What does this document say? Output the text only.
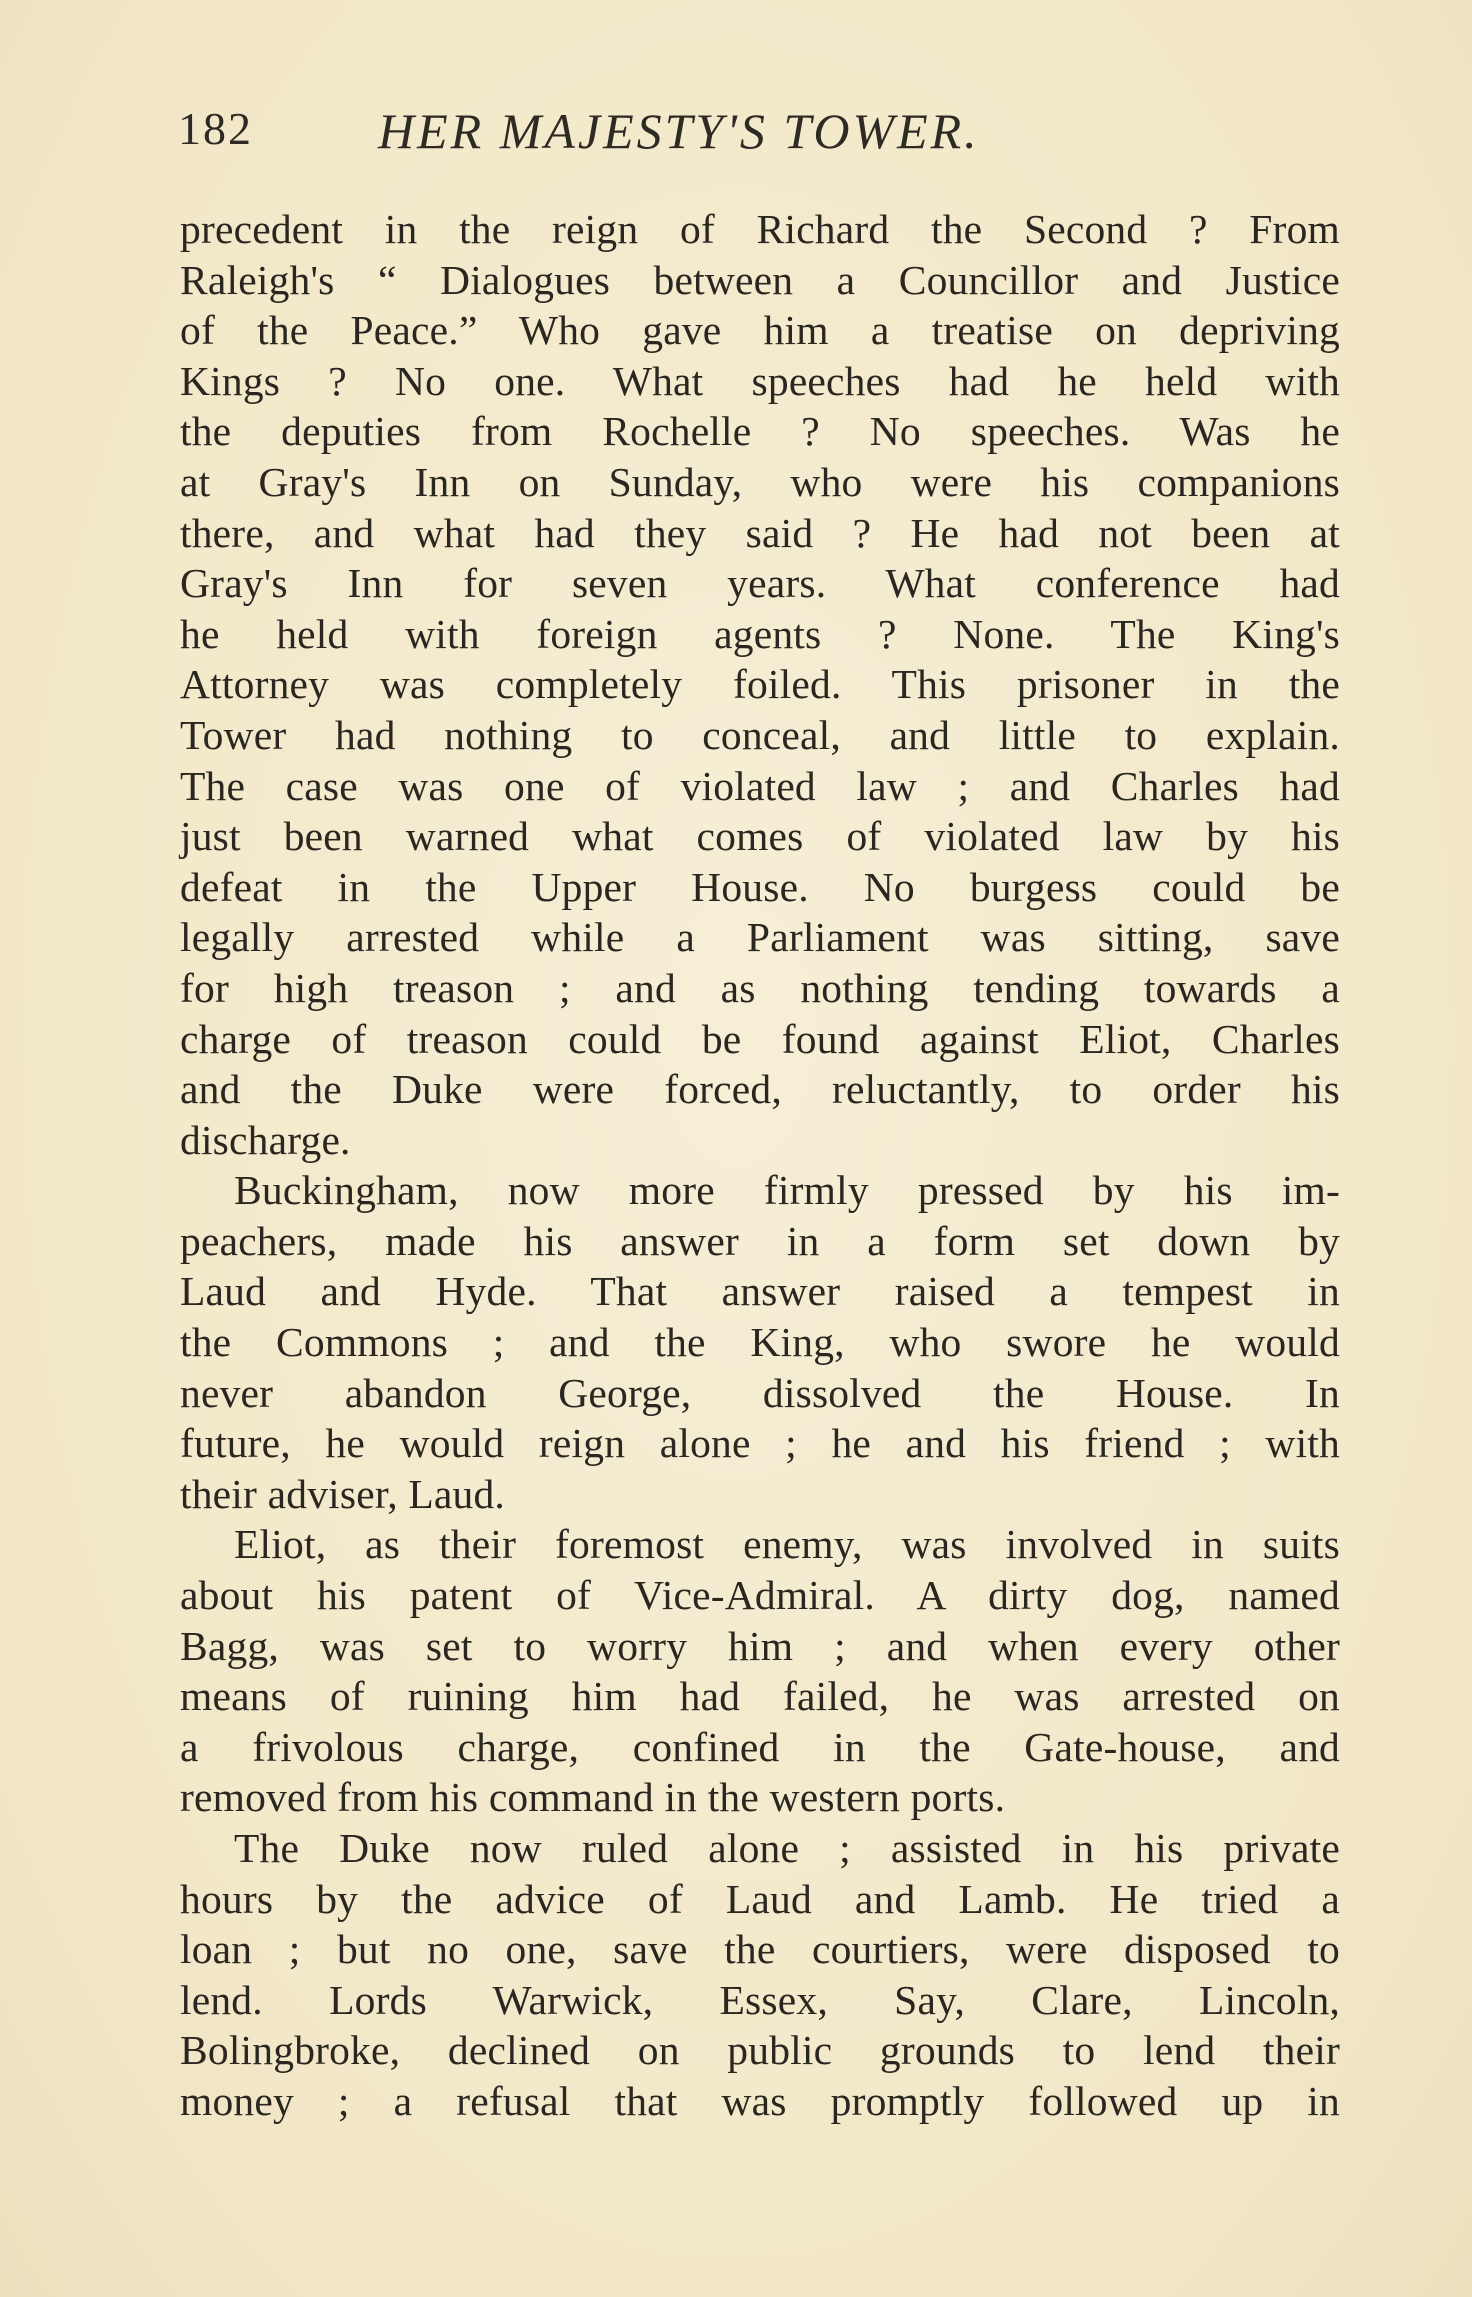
182	HER MAJESTY'S TOWER.
precedent in the reign of Richard the Second ? From
Raleigh's “ Dialogues between a Councillor and Justice
of the Peace.” Who gave him a treatise on depriving
Kings ? No one. What speeches had he held with
the deputies from Rochelle ? No speeches. Was he
at Gray's Inn on Sunday, who were his companions
there, and what had they said ? He had not been at
Gray's Inn for seven years. What conference had
he held with foreign agents ? None. The King's
Attorney was completely foiled. This prisoner in the
Tower had nothing to conceal, and little to explain.
The case was one of violated law ; and Charles had
just been warned what comes of violated law by his
defeat in the Upper House. No burgess could be
legally arrested while a Parliament was sitting, save
for high treason ; and as nothing tending towards a
charge of treason could be found against Eliot, Charles
and the Duke were forced, reluctantly, to order his
discharge.
Buckingham, now more firmly pressed by his im-
peachers, made his answer in a form set down by
Laud and Hyde. That answer raised a tempest in
the Commons ; and the King, who swore he would
never abandon George, dissolved the House. In
future, he would reign alone ; he and his friend ; with
their adviser, Laud.
Eliot, as their foremost enemy, was involved in suits
about his patent of Vice-Admiral. A dirty dog, named
Bagg, was set to worry him ; and when every other
means of ruining him had failed, he was arrested on
a frivolous charge, confined in the Gate-house, and
removed from his command in the western ports.
The Duke now ruled alone ; assisted in his private
hours by the advice of Laud and Lamb. He tried a
loan ; but no one, save the courtiers, were disposed to
lend. Lords Warwick, Essex, Say, Clare, Lincoln,
Bolingbroke, declined on public grounds to lend their
money ; a refusal that was promptly followed up in
